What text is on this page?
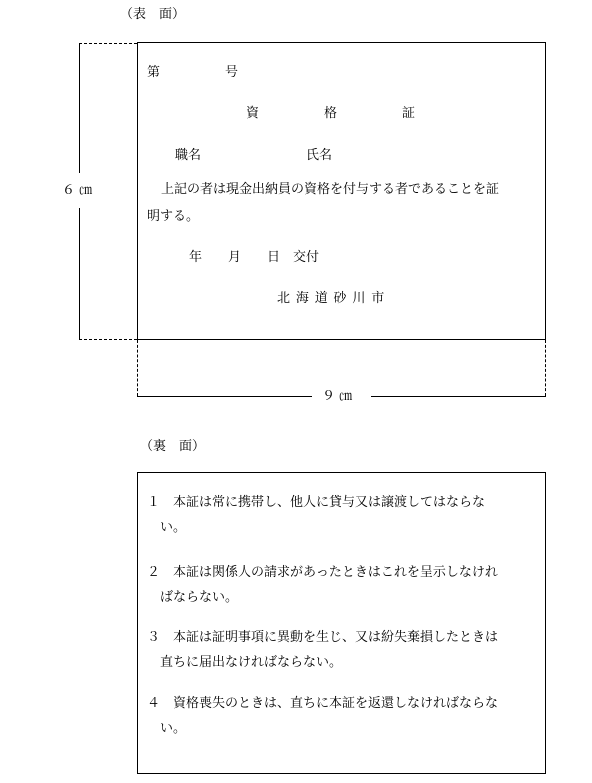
（表　面）
６ ㎝
９ ㎝
第　　　　　号
資　　　　　格　　　　　証
職名	氏名
上記の者は現金出納員の資格を付与する者であることを証
明する。
年　　月　　日　交付
北海道砂川市
（裏　面）
１ 本証は常に携帯し、他人に貸与又は譲渡してはならな
い。
２ 本証は関係人の請求があったときはこれを呈示しなけれ
ばならない。
３ 本証は証明事項に異動を生じ、又は紛失棄損したときは
直ちに届出なければならない。
４ 資格喪失のときは、直ちに本証を返還しなければならな
い。
